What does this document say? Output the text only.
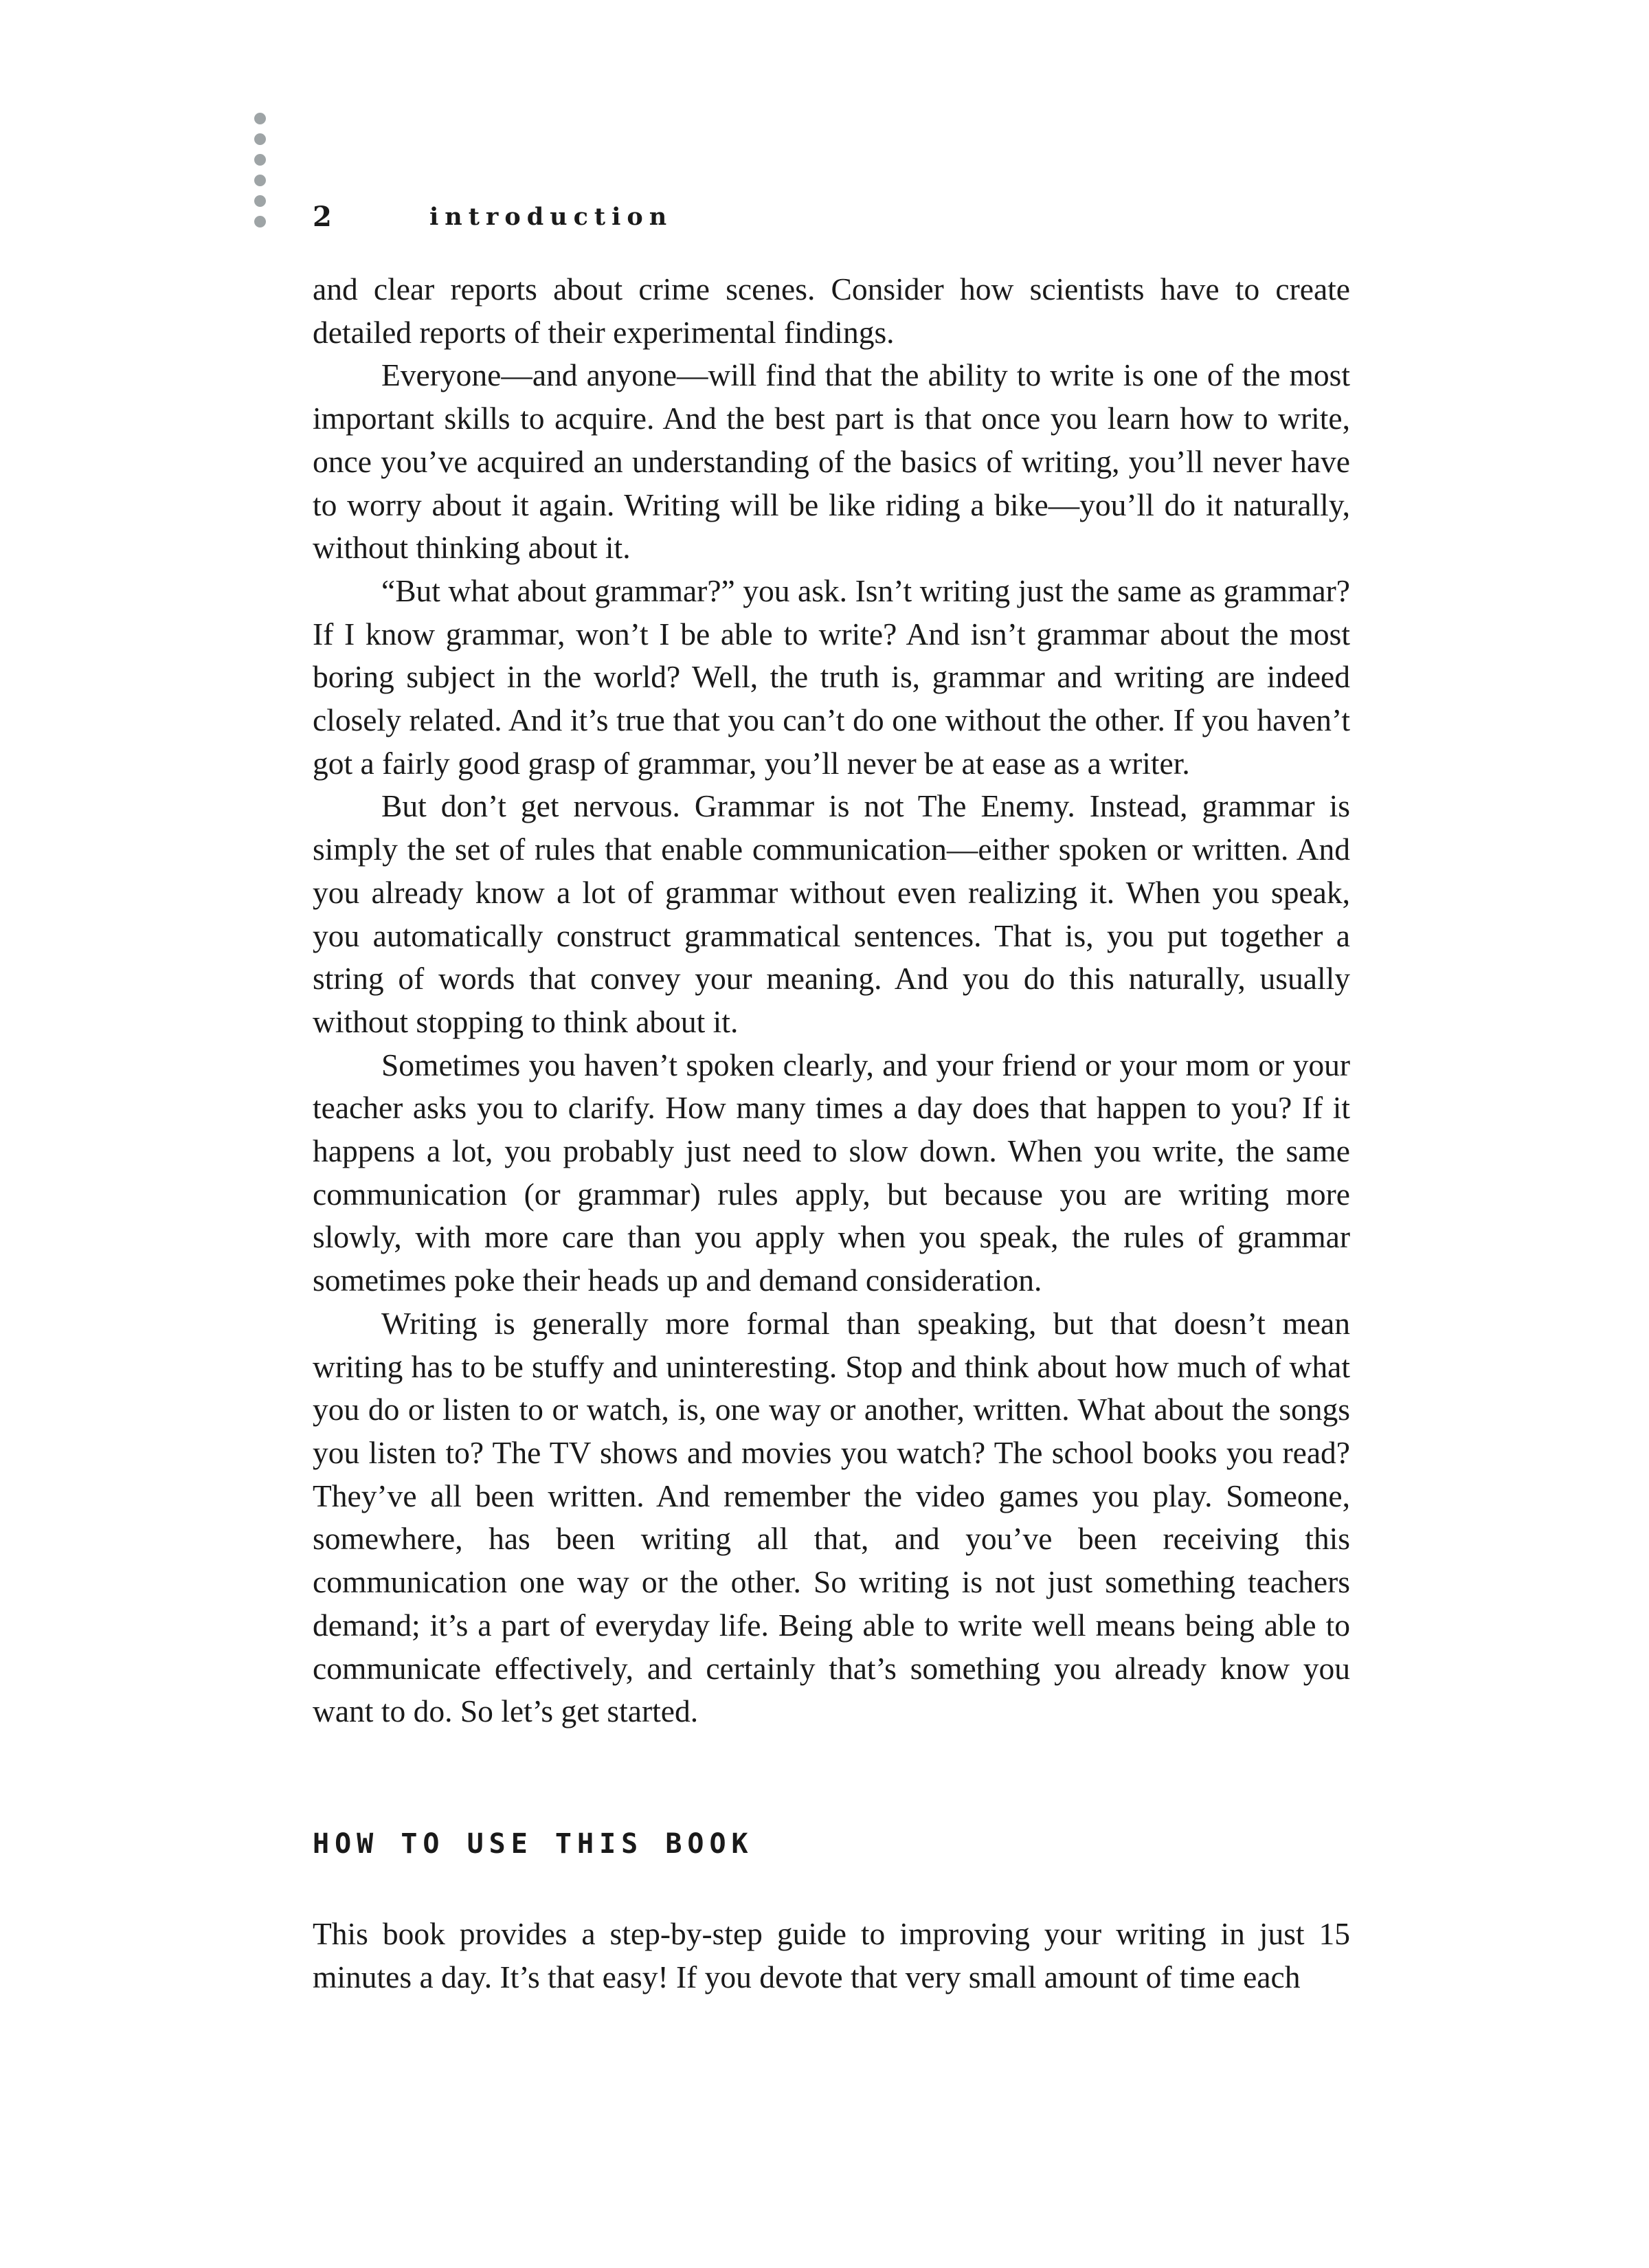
2	introduction

and clear reports about crime scenes. Consider how scientists have to create detailed reports of their experimental findings.

Everyone—and anyone—will find that the ability to write is one of the most important skills to acquire. And the best part is that once you learn how to write, once you’ve acquired an understanding of the basics of writing, you’ll never have to worry about it again. Writing will be like riding a bike—you’ll do it naturally, without thinking about it.

“But what about grammar?” you ask. Isn’t writing just the same as grammar? If I know grammar, won’t I be able to write? And isn’t grammar about the most boring subject in the world? Well, the truth is, grammar and writing are indeed closely related. And it’s true that you can’t do one without the other. If you haven’t got a fairly good grasp of grammar, you’ll never be at ease as a writer.

But don’t get nervous. Grammar is not The Enemy. Instead, grammar is simply the set of rules that enable communication—either spoken or written. And you already know a lot of grammar without even realizing it. When you speak, you automatically construct grammatical sentences. That is, you put together a string of words that convey your meaning. And you do this naturally, usually without stopping to think about it.

Sometimes you haven’t spoken clearly, and your friend or your mom or your teacher asks you to clarify. How many times a day does that happen to you? If it happens a lot, you probably just need to slow down. When you write, the same communication (or grammar) rules apply, but because you are writing more slowly, with more care than you apply when you speak, the rules of grammar sometimes poke their heads up and demand consideration.

Writing is generally more formal than speaking, but that doesn’t mean writing has to be stuffy and uninteresting. Stop and think about how much of what you do or listen to or watch, is, one way or another, written. What about the songs you listen to? The TV shows and movies you watch? The school books you read? They’ve all been written. And remember the video games you play. Someone, somewhere, has been writing all that, and you’ve been receiving this communication one way or the other. So writing is not just something teachers demand; it’s a part of everyday life. Being able to write well means being able to communicate effectively, and certainly that’s something you already know you want to do. So let’s get started.

HOW TO USE THIS BOOK

This book provides a step-by-step guide to improving your writing in just 15 minutes a day. It’s that easy! If you devote that very small amount of time each
